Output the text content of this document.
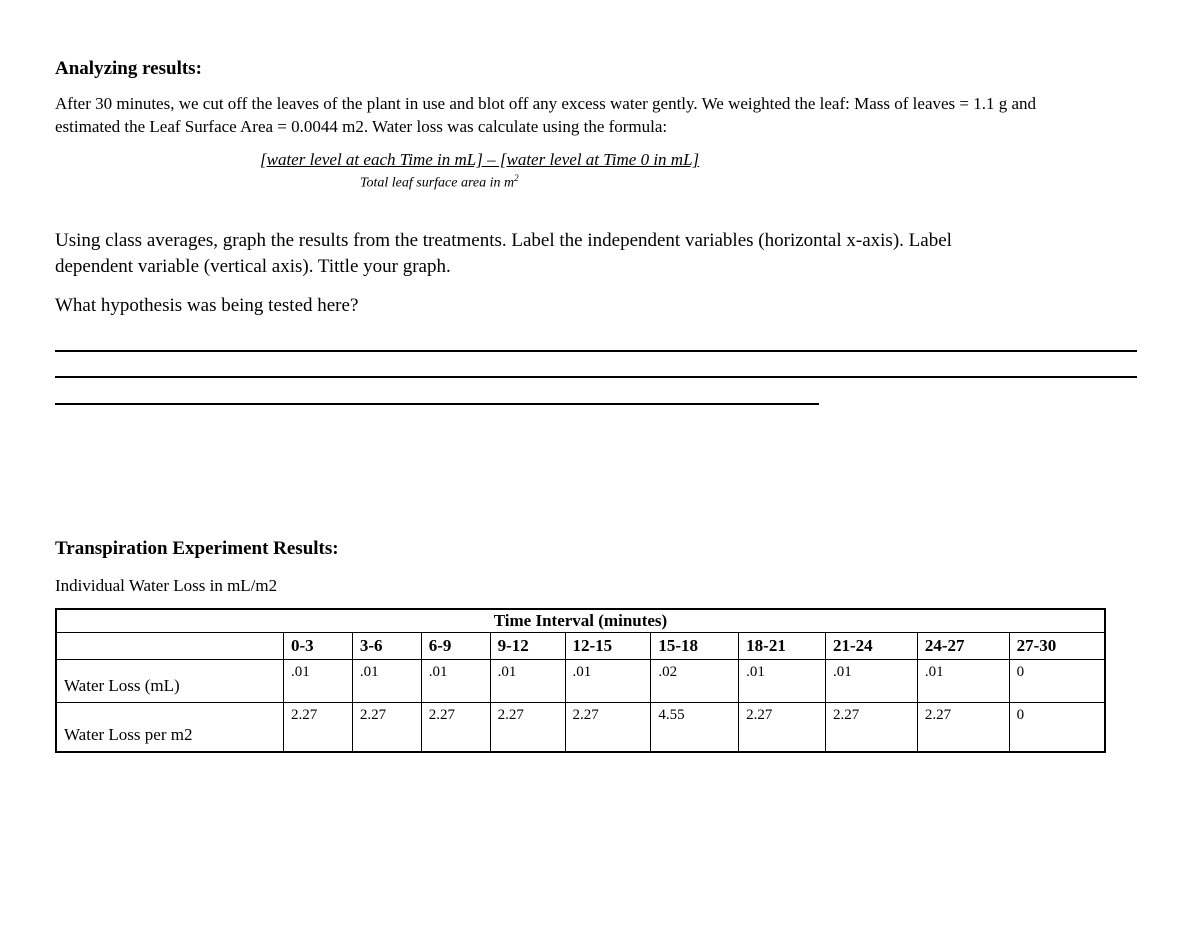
Analyzing results:
After 30 minutes, we cut off the leaves of the plant in use and blot off any excess water gently. We weighted the leaf: Mass of leaves = 1.1 g and
estimated the Leaf Surface Area = 0.0044 m2. Water loss was calculate using the formula:
[water level at each Time in mL] – [water level at Time 0 in mL]
Total leaf surface area in $m^2$
Using class averages, graph the results from the treatments. Label the independent variables (horizontal x-axis). Label
dependent variable (vertical axis). Tittle your graph.
What hypothesis was being tested here?
Transpiration Experiment Results:
Individual Water Loss in mL/m2
Time Interval (minutes)										
	0-3	3-6	6-9	9-12	12-15	15-18	18-21	21-24	24-27	27-30
Water Loss (mL)	.01	.01	.01	.01	.01	.02	.01	.01	.01	0
Water Loss per m2	2.27	2.27	2.27	2.27	2.27	4.55	2.27	2.27	2.27	0
